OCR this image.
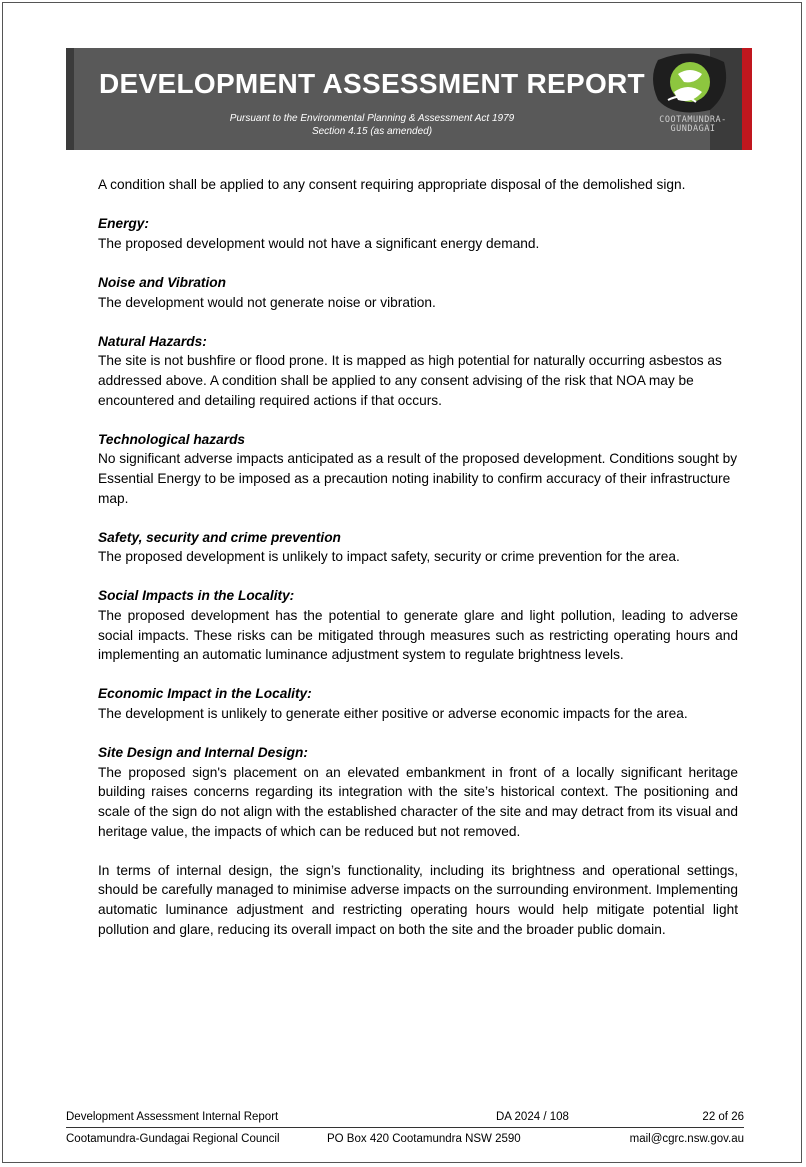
DEVELOPMENT ASSESSMENT REPORT
Pursuant to the Environmental Planning & Assessment Act 1979
Section 4.15 (as amended)
COOTAMUNDRA-
GUNDAGAI

A condition shall be applied to any consent requiring appropriate disposal of the demolished sign.

Energy:

The proposed development would not have a significant energy demand.

Noise and Vibration

The development would not generate noise or vibration.

Natural Hazards:

The site is not bushfire or flood prone. It is mapped as high potential for naturally occurring asbestos as addressed above. A condition shall be applied to any consent advising of the risk that NOA may be encountered and detailing required actions if that occurs.

Technological hazards

No significant adverse impacts anticipated as a result of the proposed development. Conditions sought by Essential Energy to be imposed as a precaution noting inability to confirm accuracy of their infrastructure map.

Safety, security and crime prevention

The proposed development is unlikely to impact safety, security or crime prevention for the area.

Social Impacts in the Locality:

The proposed development has the potential to generate glare and light pollution, leading to adverse social impacts. These risks can be mitigated through measures such as restricting operating hours and implementing an automatic luminance adjustment system to regulate brightness levels.

Economic Impact in the Locality:

The development is unlikely to generate either positive or adverse economic impacts for the area.

Site Design and Internal Design:

The proposed sign's placement on an elevated embankment in front of a locally significant heritage building raises concerns regarding its integration with the site’s historical context. The positioning and scale of the sign do not align with the established character of the site and may detract from its visual and heritage value, the impacts of which can be reduced but not removed.

In terms of internal design, the sign’s functionality, including its brightness and operational settings, should be carefully managed to minimise adverse impacts on the surrounding environment. Implementing automatic luminance adjustment and restricting operating hours would help mitigate potential light pollution and glare, reducing its overall impact on both the site and the broader public domain.

Development Assessment Internal Report	DA 2024 / 108	22 of 26
Cootamundra-Gundagai Regional Council	PO Box 420 Cootamundra NSW 2590	mail@cgrc.nsw.gov.au
